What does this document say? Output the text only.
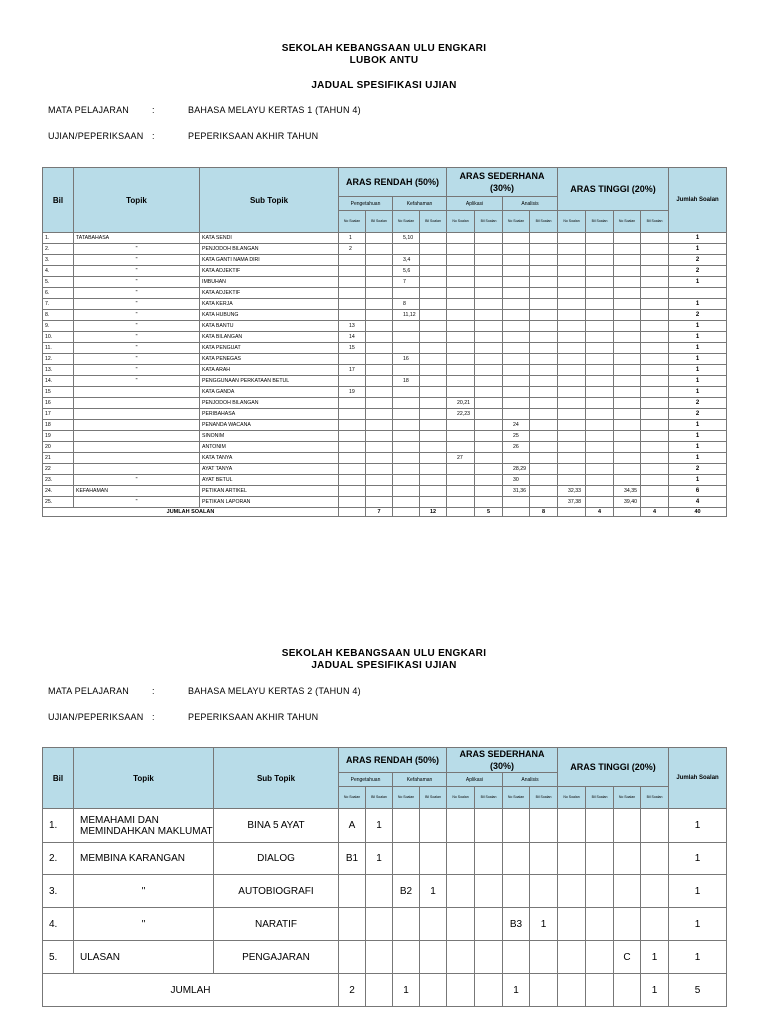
SEKOLAH KEBANGSAAN ULU ENGKARI
LUBOK ANTU
JADUAL SPESIFIKASI UJIAN
MATA PELAJARAN	:	BAHASA MELAYU KERTAS 1 (TAHUN 4)
UJIAN/PEPERIKSAAN :	PEPERIKSAAN AKHIR TAHUN
Bil	Topik	Sub Topik	ARAS RENDAH (50%)				ARAS SEDERHANA (30%)				ARAS TINGGI (20%)				Jumlah Soalan
			Pengetahuan		Kefahaman		Aplikasi		Analisis						
			No Soalan	Bil Soalan	No Soalan	Bil Soalan	No Soalan	Bil Soalan	No Soalan	Bil Soalan	No Soalan	Bil Soalan	No Soalan	Bil Soalan	
1.	TATABAHASA	KATA SENDI	1		5,10										1
2.	"	PENJODOH BILANGAN	2												1
3.	"	KATA GANTI NAMA DIRI			3,4										2
4.	"	KATA ADJEKTIF			5,6										2
5.	"	IMBUHAN			7										1
6.	"	KATA ADJEKTIF													
7.	"	KATA KERJA			8										1
8.	"	KATA HUBUNG			11,12										2
9.	"	KATA BANTU	13												1
10.	"	KATA BILANGAN	14												1
11.	"	KATA PENGUAT	15												1
12.	"	KATA PENEGAS			16										1
13.	"	KATA ARAH	17												1
14.	"	PENGGUNAAN PERKATAAN BETUL			18										1
15		KATA GANDA	19												1
16		PENJODOH BILANGAN					20,21								2
17		PERIBAHASA					22,23								2
18		PENANDA WACANA							24						1
19		SINONIM							25						1
20		ANTONIM							26						1
21		KATA TANYA					27								1
22		AYAT TANYA							28,29						2
23.	"	AYAT BETUL							30						1
24.	KEFAHAMAN	PETIKAN ARTIKEL							31,36		32,33		34,35		6
25.	"	PETIKAN LAPORAN									37,38		39,40		4
JUMLAH SOALAN				7		12		5		8		4		4	40
SEKOLAH KEBANGSAAN ULU ENGKARI
JADUAL SPESIFIKASI UJIAN
MATA PELAJARAN	:	BAHASA MELAYU KERTAS 2 (TAHUN 4)
UJIAN/PEPERIKSAAN :	PEPERIKSAAN AKHIR TAHUN
Bil	Topik	Sub Topik	ARAS RENDAH (50%)				ARAS SEDERHANA (30%)				ARAS TINGGI (20%)				Jumlah Soalan
			Pengetahuan		Kefahaman		Aplikasi		Analisis						
			No Soalan	Bil Soalan	No Soalan	Bil Soalan	No Soalan	Bil Soalan	No Soalan	Bil Soalan	No Soalan	Bil Soalan	No Soalan	Bil Soalan	
1.	MEMAHAMI DAN MEMINDAHKAN MAKLUMAT	BINA 5 AYAT	A	1											1
2.	MEMBINA KARANGAN	DIALOG	B1	1											1
3.	"	AUTOBIOGRAFI			B2	1									1
4.	"	NARATIF							B3	1					1
5.	ULASAN	PENGAJARAN											C	1	1
JUMLAH			2		1				1					1	5
